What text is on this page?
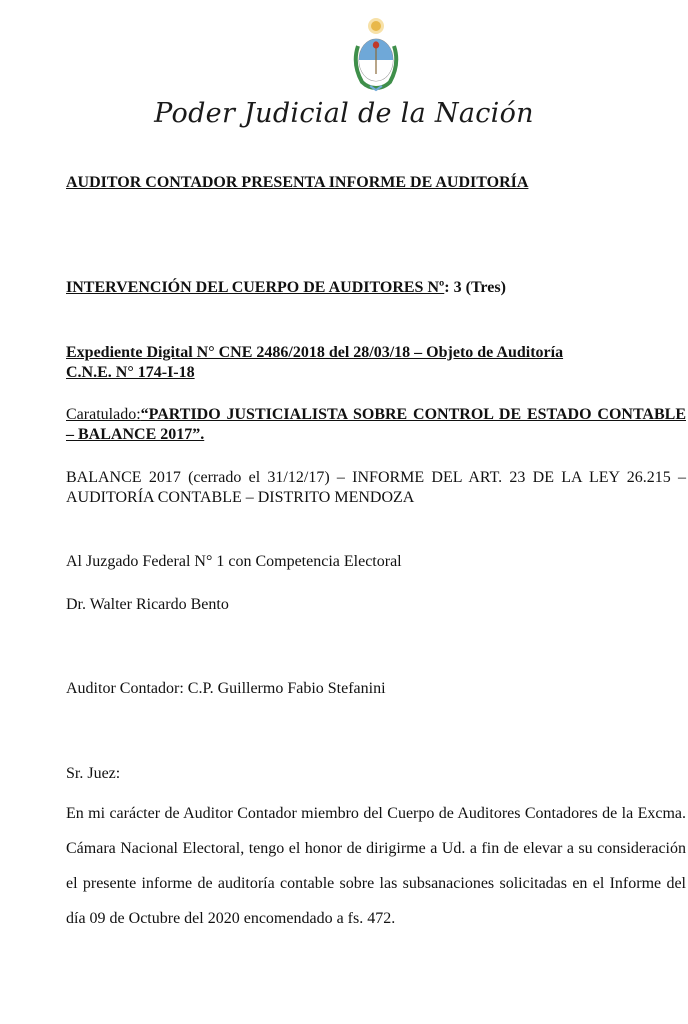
Poder Judicial de la Nación
AUDITOR CONTADOR PRESENTA INFORME DE AUDITORÍA
INTERVENCIÓN DEL CUERPO DE AUDITORES Nº: 3 (Tres)
Expediente Digital N° CNE 2486/2018 del 28/03/18 – Objeto de Auditoría
C.N.E. N° 174-I-18
Caratulado:“PARTIDO JUSTICIALISTA SOBRE CONTROL DE ESTADO CONTABLE – BALANCE 2017”.
BALANCE 2017 (cerrado el 31/12/17) – INFORME DEL ART. 23 DE LA LEY 26.215 – AUDITORÍA CONTABLE – DISTRITO MENDOZA
Al Juzgado Federal N° 1 con Competencia Electoral
Dr. Walter Ricardo Bento
Auditor Contador: C.P. Guillermo Fabio Stefanini
Sr. Juez:
En mi carácter de Auditor Contador miembro del Cuerpo de Auditores Contadores de la Excma. Cámara Nacional Electoral, tengo el honor de dirigirme a Ud. a fin de elevar a su consideración el presente informe de auditoría contable sobre las subsanaciones solicitadas en el Informe del día 09 de Octubre del 2020 encomendado a fs. 472.
